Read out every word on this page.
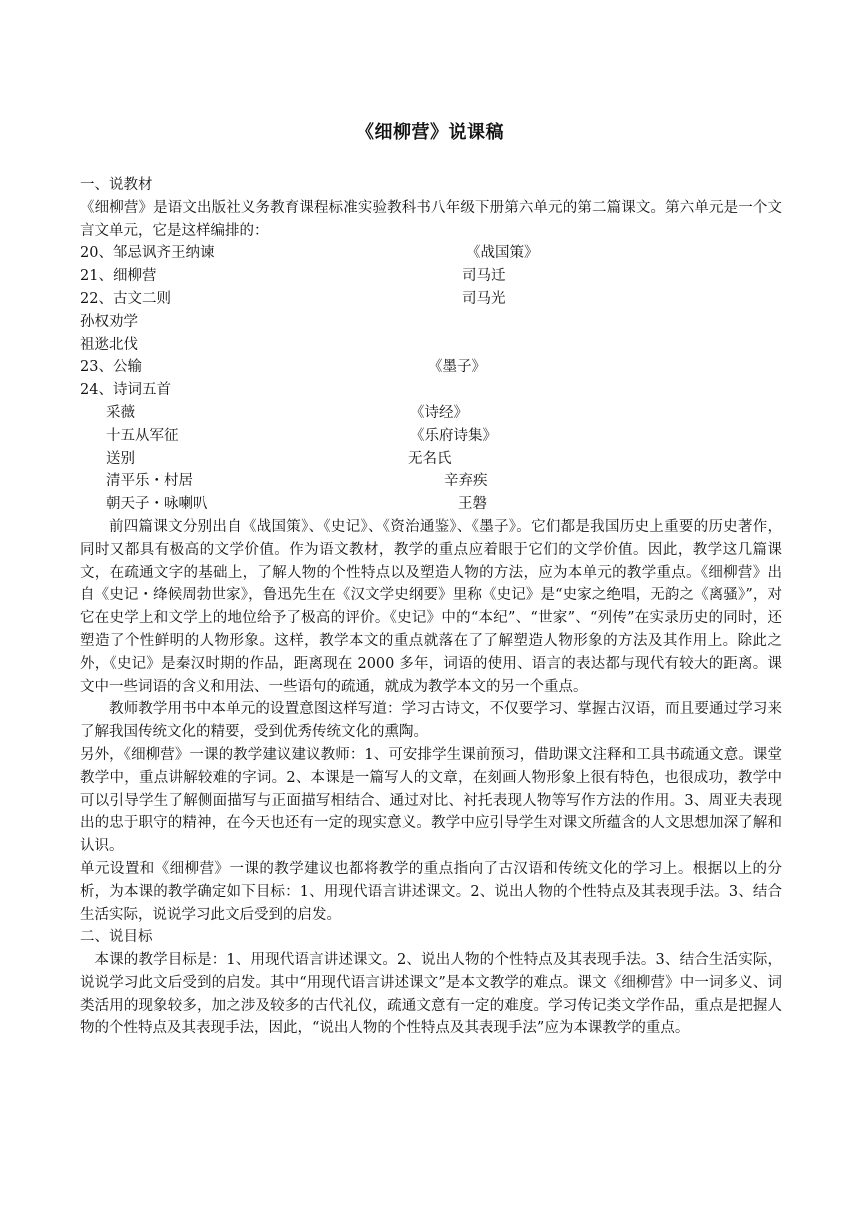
《细柳营》说课稿
一、说教材
《细柳营》是语文出版社义务教育课程标准实验教科书八年级下册第六单元的第二篇课文。第六单元是一个文言文单元，它是这样编排的：
20、邹忌讽齐王纳谏	《战国策》
21、细柳营	司马迁
22、古文二则	司马光
孙权劝学
祖逖北伐
23、公输	《墨子》
24、诗词五首
采薇	《诗经》
十五从军征	《乐府诗集》
送别	无名氏
清平乐・村居	辛弃疾
朝天子・咏喇叭	王磐
前四篇课文分别出自《战国策》、《史记》、《资治通鉴》、《墨子》。它们都是我国历史上重要的历史著作，同时又都具有极高的文学价值。作为语文教材，教学的重点应着眼于它们的文学价值。因此，教学这几篇课文，在疏通文字的基础上，了解人物的个性特点以及塑造人物的方法，应为本单元的教学重点。《细柳营》出自《史记・绛候周勃世家》，鲁迅先生在《汉文学史纲要》里称《史记》是“史家之绝唱，无韵之《离骚》”，对它在史学上和文学上的地位给予了极高的评价。《史记》中的“本纪”、“世家”、“列传”在实录历史的同时，还塑造了个性鲜明的人物形象。这样，教学本文的重点就落在了了解塑造人物形象的方法及其作用上。除此之外，《史记》是秦汉时期的作品，距离现在 2000 多年，词语的使用、语言的表达都与现代有较大的距离。课文中一些词语的含义和用法、一些语句的疏通，就成为教学本文的另一个重点。
教师教学用书中本单元的设置意图这样写道：学习古诗文，不仅要学习、掌握古汉语，而且要通过学习来了解我国传统文化的精要，受到优秀传统文化的熏陶。
另外，《细柳营》一课的教学建议建议教师：1、可安排学生课前预习，借助课文注释和工具书疏通文意。课堂教学中，重点讲解较难的字词。2、本课是一篇写人的文章，在刻画人物形象上很有特色，也很成功，教学中可以引导学生了解侧面描写与正面描写相结合、通过对比、衬托表现人物等写作方法的作用。3、周亚夫表现出的忠于职守的精神，在今天也还有一定的现实意义。教学中应引导学生对课文所蕴含的人文思想加深了解和认识。
单元设置和《细柳营》一课的教学建议也都将教学的重点指向了古汉语和传统文化的学习上。根据以上的分析，为本课的教学确定如下目标：1、用现代语言讲述课文。2、说出人物的个性特点及其表现手法。3、结合生活实际，说说学习此文后受到的启发。
二、说目标
本课的教学目标是：1、用现代语言讲述课文。2、说出人物的个性特点及其表现手法。3、结合生活实际，说说学习此文后受到的启发。其中“用现代语言讲述课文”是本文教学的难点。课文《细柳营》中一词多义、词类活用的现象较多，加之涉及较多的古代礼仪，疏通文意有一定的难度。学习传记类文学作品，重点是把握人物的个性特点及其表现手法，因此，“说出人物的个性特点及其表现手法”应为本课教学的重点。
